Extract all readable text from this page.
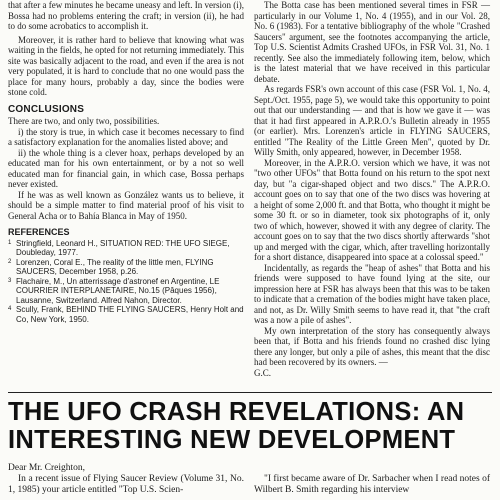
that after a few minutes he became uneasy and left. In version (i), Bossa had no problems entering the craft; in version (ii), he had to do some acrobatics to accomplish it.

Moreover, it is rather hard to believe that knowing what was waiting in the fields, he opted for not returning immediately. This site was basically adjacent to the road, and even if the area is not very populated, it is hard to conclude that no one would pass the place for many hours, probably a day, since the bodies were stone cold.

CONCLUSIONS

There are two, and only two, possibilities.

i) the story is true, in which case it becomes necessary to find a satisfactory explanation for the anomalies listed above; and

ii) the whole thing is a clever hoax, perhaps developed by an educated man for his own entertainment, or by a not so well educated man for financial gain, in which case, Bossa perhaps never existed.

If he was as well known as González wants us to believe, it should be a simple matter to find material proof of his visit to General Acha or to Bahía Blanca in May of 1950.

REFERENCES
1 Stringfield, Leonard H., SITUATION RED: THE UFO SIEGE, Doubleday, 1977.
2 Lorenzen, Coral E., The reality of the little men, FLYING SAUCERS, December 1958, p.26.
3 Flachaire, M., Un atterrissage d'astronef en Argentine, LE COURRIER INTERPLANETAIRE, No.15 (Pâques 1956), Lausanne, Switzerland. Alfred Nahon, Director.
4 Scully, Frank, BEHIND THE FLYING SAUCERS, Henry Holt and Co, New York, 1950.

The Botta case has been mentioned several times in FSR — particularly in our Volume 1, No. 4 (1955), and in our Vol. 28, No. 6 (1983). For a tentative bibliography of the whole "Crashed Saucers" argument, see the footnotes accompanying the article, Top U.S. Scientist Admits Crashed UFOs, in FSR Vol. 31, No. 1 recently. See also the immediately following item, below, which is the latest material that we have received in this particular debate.

As regards FSR's own account of this case (FSR Vol. 1, No. 4, Sept./Oct. 1955, page 5), we would take this opportunity to point out that our understanding — and that is how we gave it — was that it had first appeared in A.P.R.O.'s Bulletin already in 1955 (or earlier). Mrs. Lorenzen's article in FLYING SAUCERS, entitled "The Reality of the Little Green Men", quoted by Dr. Willy Smith, only appeared, however, in December 1958.

Moreover, in the A.P.R.O. version which we have, it was not "two other UFOs" that Botta found on his return to the spot next day, but "a cigar-shaped object and two discs." The A.P.R.O. account goes on to say that one of the two discs was hovering at a height of some 2,000 ft. and that Botta, who thought it might be some 30 ft. or so in diameter, took six photographs of it, only two of which, however, showed it with any degree of clarity. The account goes on to say that the two discs shortly afterwards "shot up and merged with the cigar, which, after travelling horizontally for a short distance, disappeared into space at a colossal speed."

Incidentally, as regards the "heap of ashes" that Botta and his friends were supposed to have found lying at the site, our impression here at FSR has always been that this was to be taken to indicate that a cremation of the bodies might have taken place, and not, as Dr. Willy Smith seems to have read it, that "the craft was a now a pile of ashes".

My own interpretation of the story has consequently always been that, if Botta and his friends found no crashed disc lying there any longer, but only a pile of ashes, this meant that the disc had been recovered by its owners. —

G.C.

THE UFO CRASH REVELATIONS: AN
INTERESTING NEW DEVELOPMENT

Dear Mr. Creighton,

In a recent issue of Flying Saucer Review (Volume 31, No. 1, 1985) your article entitled "Top U.S. Scien-

"I first became aware of Dr. Sarbacher when I read notes of Wilbert B. Smith regarding his interview
